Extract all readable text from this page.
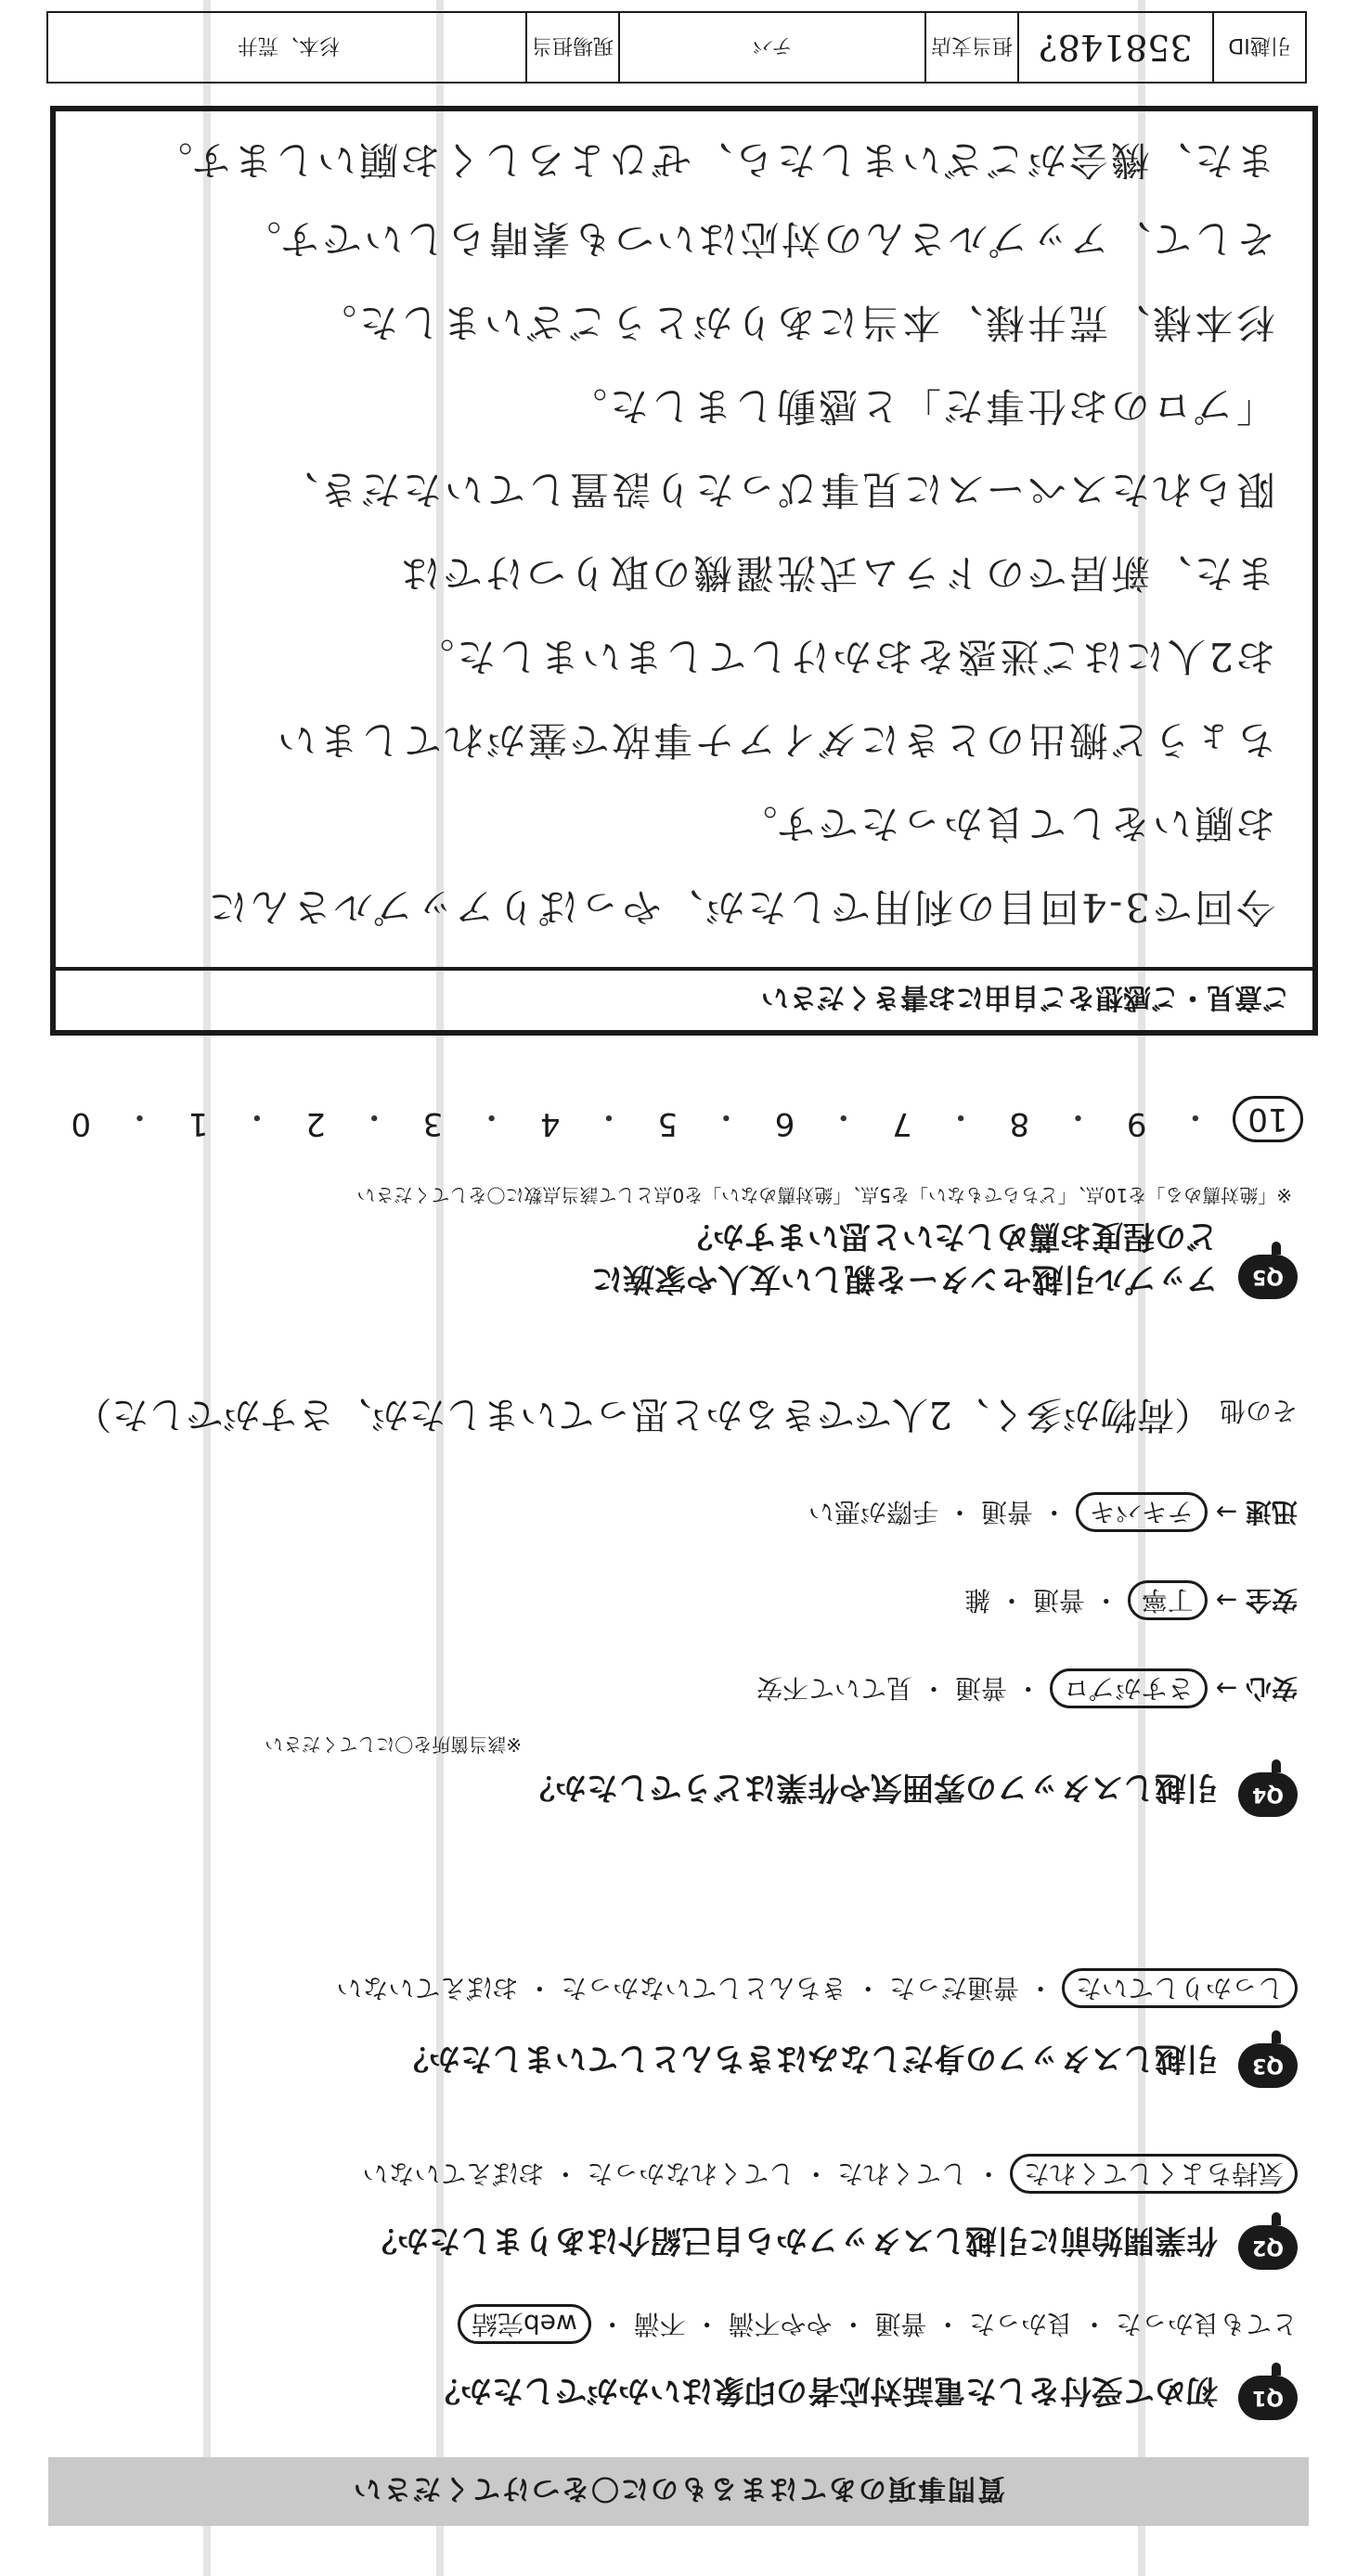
質問事項のあてはまるものに〇をつけてください
Q1
初めて受付をした電話対応者の印象はいかがでしたか？
とても良かった ・ 良かった ・ 普通 ・ やや不満 ・ 不満 ・ web完結
Q2
作業開始前に引越しスタッフから自己紹介はありましたか？
気持ちよくしてくれた ・ してくれた ・ してくれなかった ・ おぼえていない
Q3
引越しスタッフの身だしなみはきちんとしていましたか？
しっかりしていた ・ 普通だった ・ きちんとしていなかった ・ おぼえていない
Q4
引越しスタッフの雰囲気や作業はどうでしたか？
※該当箇所を〇にしてください
安心 → さすがプロ ・ 普通 ・ 見ていて不安
安全 → 丁寧 ・ 普通 ・ 雑
迅速 → テキパキ ・ 普通 ・ 手際が悪い
その他 （荷物が多く、2人でできるかと思っていましたが、さすがでした）
Q5
アップル引越センターを親しい友人や家族に
どの程度お薦めしたいと思いますか？
※「絶対薦める」を10点、「どちらでもない」を5点、「絶対薦めない」を0点として該当点数に〇をしてください
10
・
9
・
8
・
7
・
6
・
5
・
4
・
3
・
2
・
1
・
0
ご意見・ご感想をご自由にお書きください
今回で3-4回目の利用でしたが、やっぱりアップルさんに
お願いをして良かったです。
ちょうど搬出のときにダイアナ事故で塞がれてしまい
お2人にはご迷惑をおかけしてしまいました。
また、新居でのドラム式洗濯機の取りつけでは
限られたスペースに見事ぴったり設置していただき、
「プロのお仕事だ」と感動しました。
杉本様、荒井様、本当にありがとうございました。
そして、アップルさんの対応はいつも素晴らしいです。
また、機会がございましたら、ぜひよろしくお願いします。
引越ID
358148?
担当支店
テバ
現場担当
杉本、荒井
